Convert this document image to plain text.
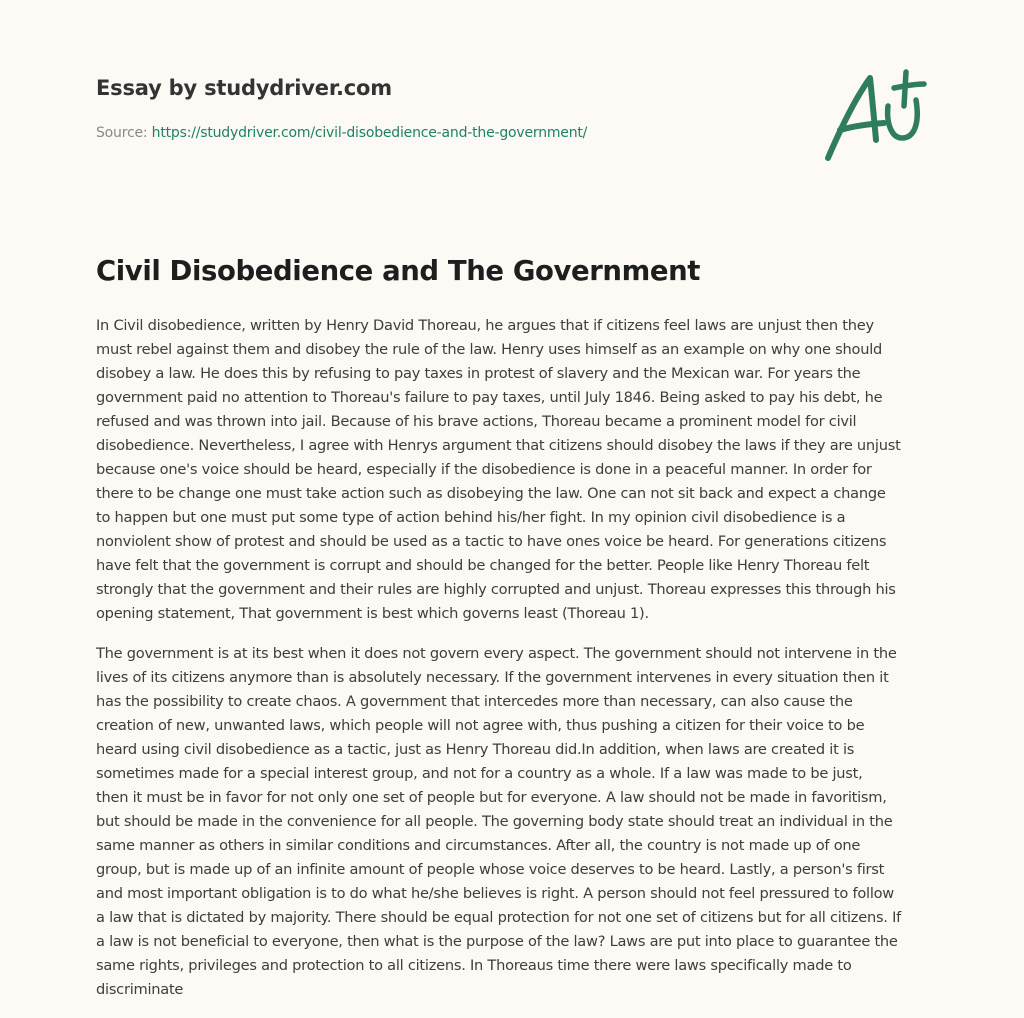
Essay by studydriver.com
Source: https://studydriver.com/civil-disobedience-and-the-government/
Civil Disobedience and The Government

In Civil disobedience, written by Henry David Thoreau, he argues that if citizens feel laws are unjust then they
must rebel against them and disobey the rule of the law. Henry uses himself as an example on why one should
disobey a law. He does this by refusing to pay taxes in protest of slavery and the Mexican war. For years the
government paid no attention to Thoreau's failure to pay taxes, until July 1846. Being asked to pay his debt, he
refused and was thrown into jail. Because of his brave actions, Thoreau became a prominent model for civil
disobedience. Nevertheless, I agree with Henrys argument that citizens should disobey the laws if they are unjust
because one's voice should be heard, especially if the disobedience is done in a peaceful manner. In order for
there to be change one must take action such as disobeying the law. One can not sit back and expect a change
to happen but one must put some type of action behind his/her fight. In my opinion civil disobedience is a
nonviolent show of protest and should be used as a tactic to have ones voice be heard. For generations citizens
have felt that the government is corrupt and should be changed for the better. People like Henry Thoreau felt
strongly that the government and their rules are highly corrupted and unjust. Thoreau expresses this through his
opening statement, That government is best which governs least (Thoreau 1).

The government is at its best when it does not govern every aspect. The government should not intervene in the
lives of its citizens anymore than is absolutely necessary. If the government intervenes in every situation then it
has the possibility to create chaos. A government that intercedes more than necessary, can also cause the
creation of new, unwanted laws, which people will not agree with, thus pushing a citizen for their voice to be
heard using civil disobedience as a tactic, just as Henry Thoreau did.In addition, when laws are created it is
sometimes made for a special interest group, and not for a country as a whole. If a law was made to be just,
then it must be in favor for not only one set of people but for everyone. A law should not be made in favoritism,
but should be made in the convenience for all people. The governing body state should treat an individual in the
same manner as others in similar conditions and circumstances. After all, the country is not made up of one
group, but is made up of an infinite amount of people whose voice deserves to be heard. Lastly, a person's first
and most important obligation is to do what he/she believes is right. A person should not feel pressured to follow
a law that is dictated by majority. There should be equal protection for not one set of citizens but for all citizens. If
a law is not beneficial to everyone, then what is the purpose of the law? Laws are put into place to guarantee the
same rights, privileges and protection to all citizens. In Thoreaus time there were laws specifically made to
discriminate
